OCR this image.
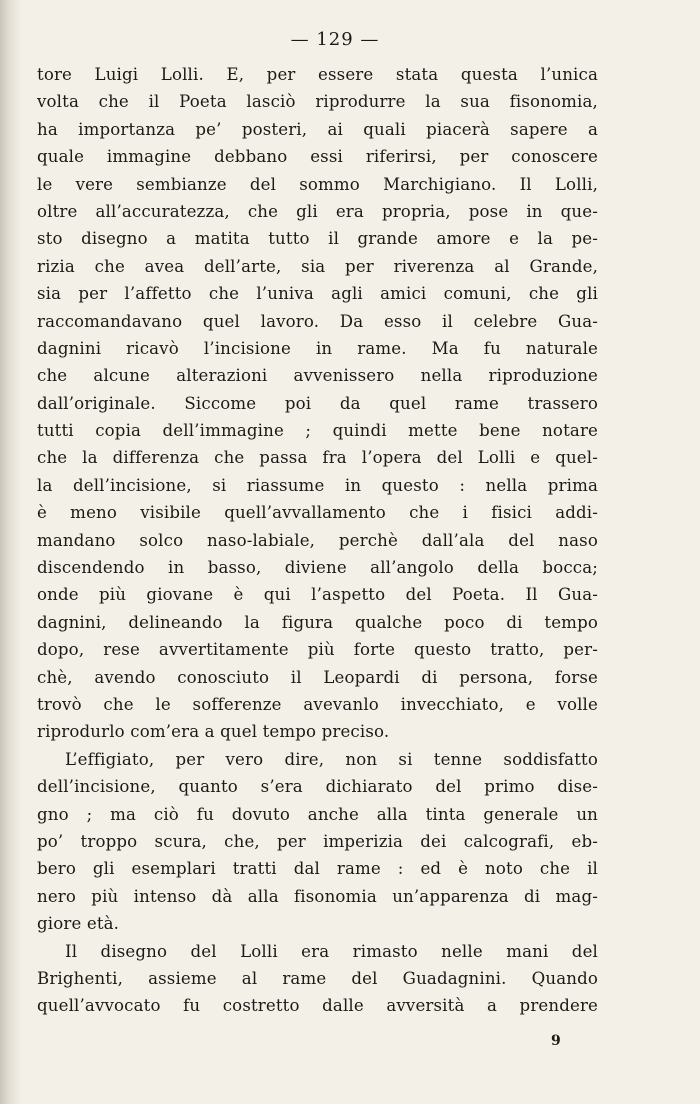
— 129 —
tore Luigi Lolli. E, per essere stata questa l’unica
volta che il Poeta lasciò riprodurre la sua fisonomia,
ha importanza pe’ posteri, ai quali piacerà sapere a
quale immagine debbano essi riferirsi, per conoscere
le vere sembianze del sommo Marchigiano. Il Lolli,
oltre all’accuratezza, che gli era propria, pose in que-
sto disegno a matita tutto il grande amore e la pe-
rizia che avea dell’arte, sia per riverenza al Grande,
sia per l’affetto che l’univa agli amici comuni, che gli
raccomandavano quel lavoro. Da esso il celebre Gua-
dagnini ricavò l’incisione in rame. Ma fu naturale
che alcune alterazioni avvenissero nella riproduzione
dall’originale. Siccome poi da quel rame trassero
tutti copia dell’immagine ; quindi mette bene notare
che la differenza che passa fra l’opera del Lolli e quel-
la dell’incisione, si riassume in questo : nella prima
è meno visibile quell’avvallamento che i fisici addi-
mandano solco naso-labiale, perchè dall’ala del naso
discendendo in basso, diviene all’angolo della bocca;
onde più giovane è qui l’aspetto del Poeta. Il Gua-
dagnini, delineando la figura qualche poco di tempo
dopo, rese avvertitamente più forte questo tratto, per-
chè, avendo conosciuto il Leopardi di persona, forse
trovò che le sofferenze avevanlo invecchiato, e volle
riprodurlo com’era a quel tempo preciso.
L’effigiato, per vero dire, non si tenne soddisfatto
dell’incisione, quanto s’era dichiarato del primo dise-
gno ; ma ciò fu dovuto anche alla tinta generale un
po’ troppo scura, che, per imperizia dei calcografi, eb-
bero gli esemplari tratti dal rame : ed è noto che il
nero più intenso dà alla fisonomia un’apparenza di mag-
giore età.
Il disegno del Lolli era rimasto nelle mani del
Brighenti, assieme al rame del Guadagnini. Quando
quell’avvocato fu costretto dalle avversità a prendere
9
